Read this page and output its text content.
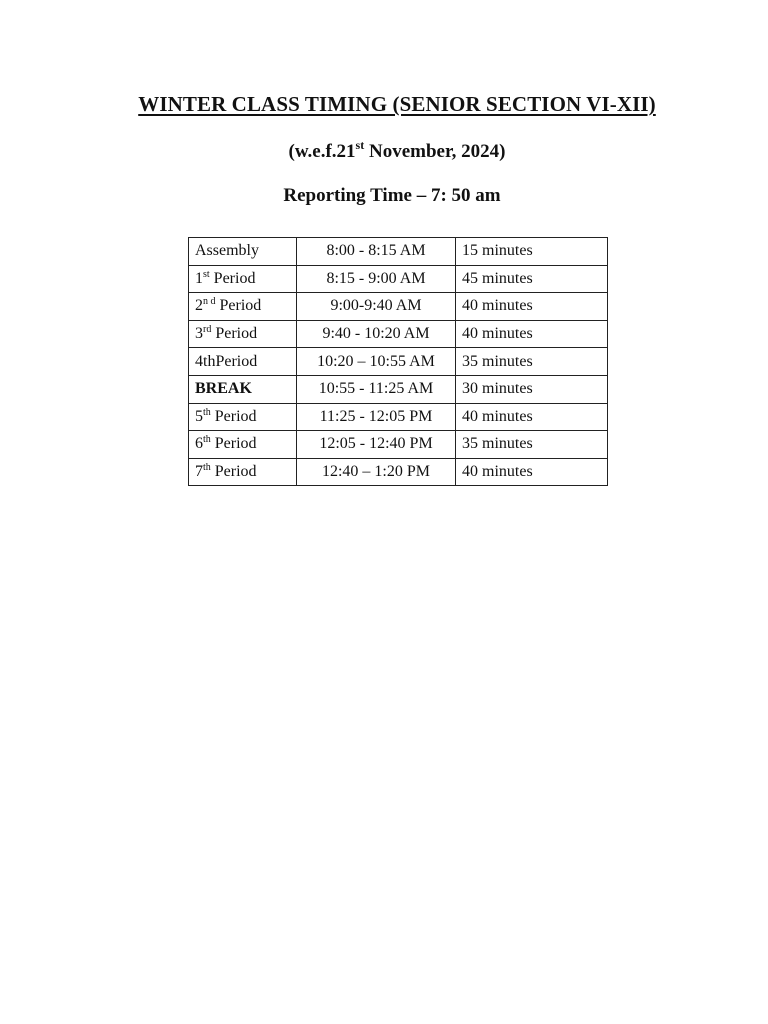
WINTER CLASS TIMING (SENIOR SECTION VI-XII)
(w.e.f.21st November, 2024)
Reporting Time – 7: 50 am
Assembly	8:00 - 8:15 AM	15 minutes
1st Period	8:15 - 9:00 AM	45 minutes
$2^{n d}$ Period	9:00-9:40 AM	40 minutes
3rd Period	9:40 - 10:20 AM	40 minutes
4thPeriod	10:20 – 10:55 AM	35 minutes
BREAK	10:55 - 11:25 AM	30 minutes
5th Period	11:25 - 12:05 PM	40 minutes
6th Period	12:05 - 12:40 PM	35 minutes
7th Period	12:40 – 1:20 PM	40 minutes
